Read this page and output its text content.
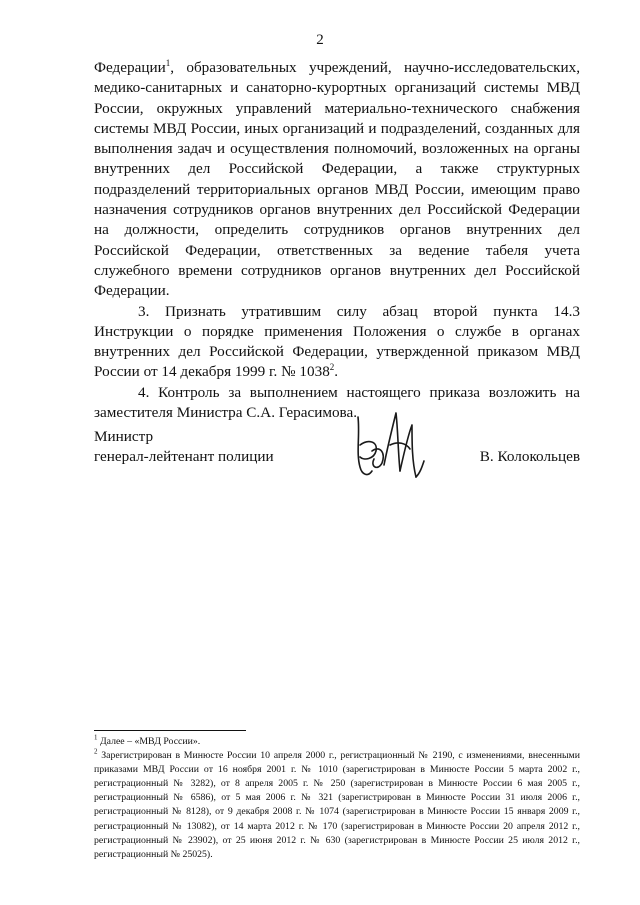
2

Федерации$^1$, образовательных учреждений, научно-исследовательских, медико-санитарных и санаторно-курортных организаций системы МВД России, окружных управлений материально-технического снабжения системы МВД России, иных организаций и подразделений, созданных для выполнения задач и осуществления полномочий, возложенных на органы внутренних дел Российской Федерации, а также структурных подразделений территориальных органов МВД России, имеющим право назначения сотрудников органов внутренних дел Российской Федерации на должности, определить сотрудников органов внутренних дел Российской Федерации, ответственных за ведение табеля учета служебного времени сотрудников органов внутренних дел Российской Федерации.

3. Признать утратившим силу абзац второй пункта 14.3 Инструкции о порядке применения Положения о службе в органах внутренних дел Российской Федерации, утвержденной приказом МВД России от 14 декабря 1999 г. № 1038$^2$.

4. Контроль за выполнением настоящего приказа возложить на заместителя Министра С.А. Герасимова.

Министр
генерал-лейтенант полиции	В. Колокольцев

$^1$ Далее – «МВД России».

$^2$ Зарегистрирован в Минюсте России 10 апреля 2000 г., регистрационный № 2190, с изменениями, внесенными приказами МВД России от 16 ноября 2001 г. № 1010 (зарегистрирован в Минюсте России 5 марта 2002 г., регистрационный № 3282), от 8 апреля 2005 г. № 250 (зарегистрирован в Минюсте России 6 мая 2005 г., регистрационный № 6586), от 5 мая 2006 г. № 321 (зарегистрирован в Минюсте России 31 июля 2006 г., регистрационный № 8128), от 9 декабря 2008 г. № 1074 (зарегистрирован в Минюсте России 15 января 2009 г., регистрационный № 13082), от 14 марта 2012 г. № 170 (зарегистрирован в Минюсте России 20 апреля 2012 г., регистрационный № 23902), от 25 июня 2012 г. № 630 (зарегистрирован в Минюсте России 25 июля 2012 г., регистрационный № 25025).
